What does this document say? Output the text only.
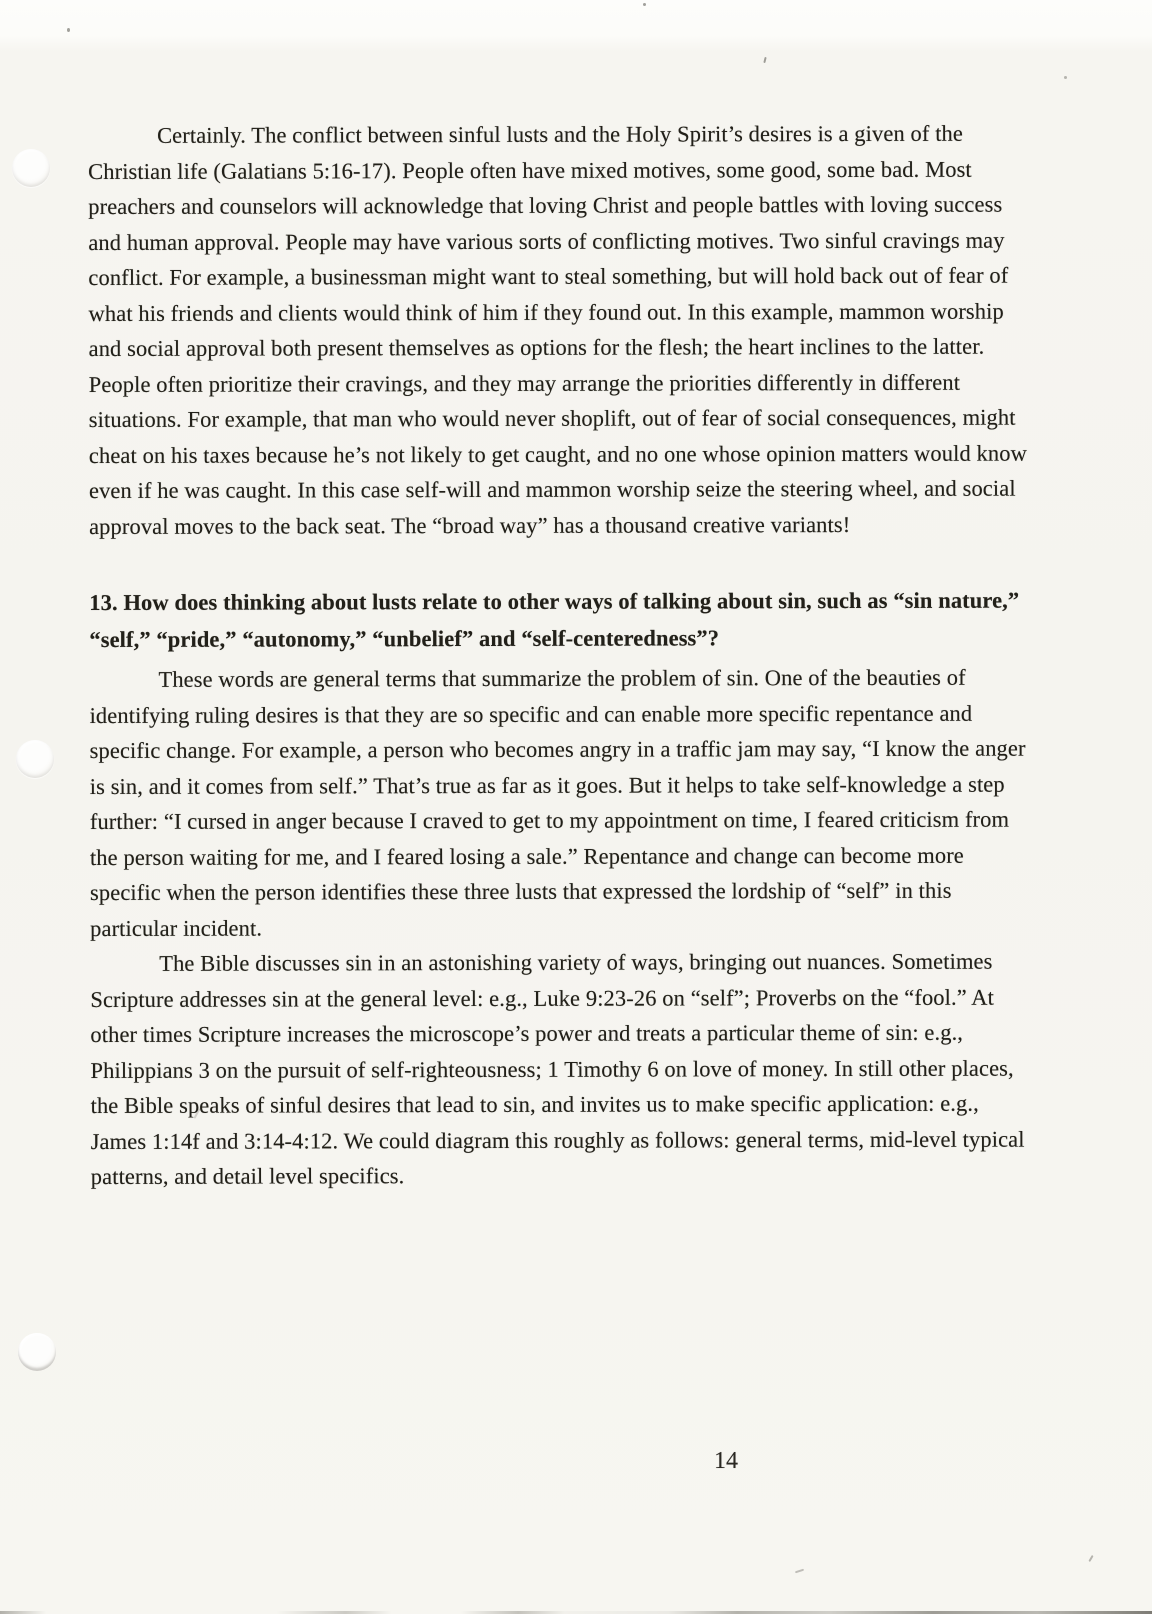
Certainly. The conflict between sinful lusts and the Holy Spirit’s desires is a given of the Christian life (Galatians 5:16-17). People often have mixed motives, some good, some bad. Most preachers and counselors will acknowledge that loving Christ and people battles with loving success and human approval. People may have various sorts of conflicting motives. Two sinful cravings may conflict. For example, a businessman might want to steal something, but will hold back out of fear of what his friends and clients would think of him if they found out. In this example, mammon worship and social approval both present themselves as options for the flesh; the heart inclines to the latter. People often prioritize their cravings, and they may arrange the priorities differently in different situations. For example, that man who would never shoplift, out of fear of social consequences, might cheat on his taxes because he’s not likely to get caught, and no one whose opinion matters would know even if he was caught. In this case self-will and mammon worship seize the steering wheel, and social approval moves to the back seat. The “broad way” has a thousand creative variants!

13. How does thinking about lusts relate to other ways of talking about sin, such as “sin nature,” “self,” “pride,” “autonomy,” “unbelief” and “self-centeredness”?

These words are general terms that summarize the problem of sin. One of the beauties of identifying ruling desires is that they are so specific and can enable more specific repentance and specific change. For example, a person who becomes angry in a traffic jam may say, “I know the anger is sin, and it comes from self.” That’s true as far as it goes. But it helps to take self-knowledge a step further: “I cursed in anger because I craved to get to my appointment on time, I feared criticism from the person waiting for me, and I feared losing a sale.” Repentance and change can become more specific when the person identifies these three lusts that expressed the lordship of “self” in this particular incident.

The Bible discusses sin in an astonishing variety of ways, bringing out nuances. Sometimes Scripture addresses sin at the general level: e.g., Luke 9:23-26 on “self”; Proverbs on the “fool.” At other times Scripture increases the microscope’s power and treats a particular theme of sin: e.g., Philippians 3 on the pursuit of self-righteousness; 1 Timothy 6 on love of money. In still other places, the Bible speaks of sinful desires that lead to sin, and invites us to make specific application: e.g., James 1:14f and 3:14-4:12. We could diagram this roughly as follows: general terms, mid-level typical patterns, and detail level specifics.

14
